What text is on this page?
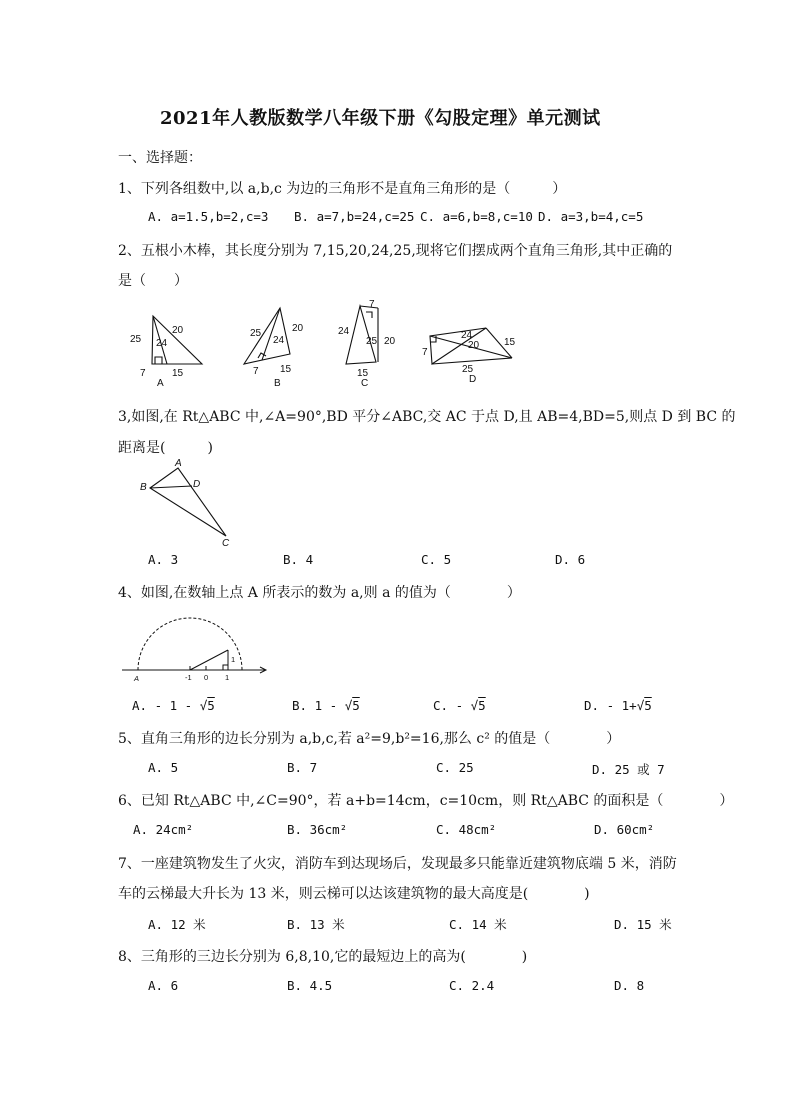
2021年人教版数学八年级下册《勾股定理》单元测试
一、选择题：
1、下列各组数中,以 a,b,c 为边的三角形不是直角三角形的是（　　　）
A. a=1.5,b=2,c=3 B. a=7,b=24,c=25 C. a=6,b=8,c=10 D. a=3,b=4,c=5
2、五根小木棒，其长度分别为 7,15,20,24,25,现将它们摆成两个直角三角形,其中正确的
是（　　）
25 24
20
7	15
A
25
24
20
7 15
B
7
24
25 20
15
C
24
20
7
15
25
D
3,如图,在 Rt△ABC 中,∠A=90°,BD 平分∠ABC,交 AC 于点 D,且 AB=4,BD=5,则点 D 到 BC 的
距离是(　　　)
A
B
C
D
A. 3	B. 4	C. 5	D. 6
4、如图,在数轴上点 A 所表示的数为 a,则 a 的值为（　　　　）
A	-1 0 1
1
A. - 1 - √5	B. 1 - √5	C. - √5	D. - 1+√5
5、直角三角形的边长分别为 a,b,c,若 a²=9,b²=16,那么 c² 的值是（　　　　）
A. 5	B. 7	C. 25	D. 25 或 7
6、已知 Rt△ABC 中,∠C=90°，若 a+b=14cm，c=10cm，则 Rt△ABC 的面积是（　　　　）
A. 24cm²	B. 36cm²	C. 48cm²	D. 60cm²
7、一座建筑物发生了火灾，消防车到达现场后，发现最多只能靠近建筑物底端 5 米，消防
车的云梯最大升长为 13 米，则云梯可以达该建筑物的最大高度是(　　　　)
A. 12 米	B. 13 米	C. 14 米	D. 15 米
8、三角形的三边长分别为 6,8,10,它的最短边上的高为(　　　　)
A. 6	B. 4.5	C. 2.4	D. 8
